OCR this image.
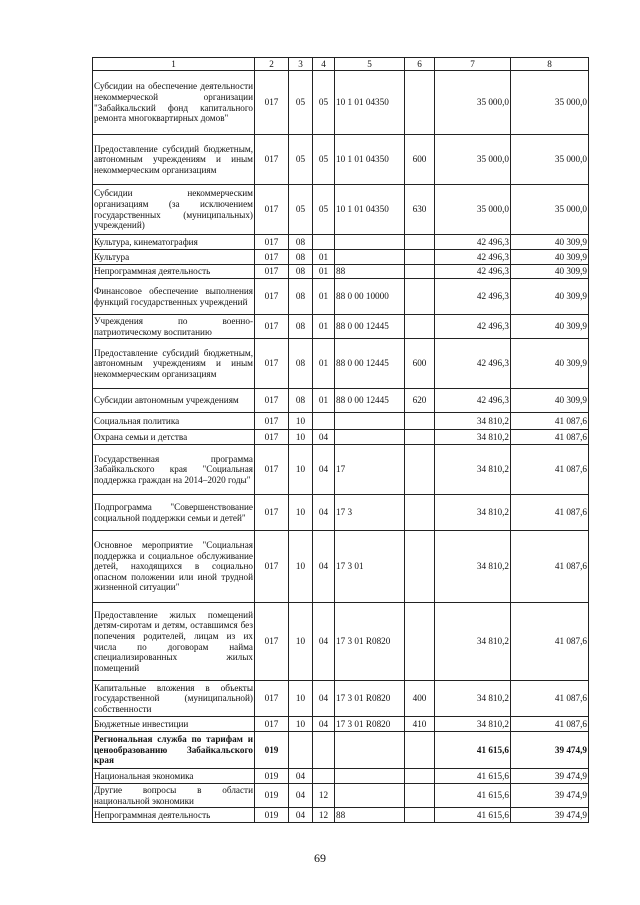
1	2	3	4	5	6	7	8
Субсидии на обеспечение деятельности некоммерческой организации "Забайкальский фонд капитального ремонта многоквартирных домов"	017	05	05	10 1 01 04350		35 000,0	35 000,0
Предоставление субсидий бюджетным, автономным учреждениям и иным некоммерческим организациям	017	05	05	10 1 01 04350	600	35 000,0	35 000,0
Субсидии некоммерческим организациям (за исключением государственных (муниципальных) учреждений)	017	05	05	10 1 01 04350	630	35 000,0	35 000,0
Культура, кинематография	017	08				42 496,3	40 309,9
Культура	017	08	01			42 496,3	40 309,9
Непрограммная деятельность	017	08	01	88		42 496,3	40 309,9
Финансовое обеспечение выполнения функций государственных учреждений	017	08	01	88 0 00 10000		42 496,3	40 309,9
Учреждения по военно-патриотическому воспитанию	017	08	01	88 0 00 12445		42 496,3	40 309,9
Предоставление субсидий бюджетным, автономным учреждениям и иным некоммерческим организациям	017	08	01	88 0 00 12445	600	42 496,3	40 309,9
Субсидии автономным учреждениям	017	08	01	88 0 00 12445	620	42 496,3	40 309,9
Социальная политика	017	10				34 810,2	41 087,6
Охрана семьи и детства	017	10	04			34 810,2	41 087,6
Государственная программа Забайкальского края "Социальная поддержка граждан на 2014–2020 годы"	017	10	04	17		34 810,2	41 087,6
Подпрограмма "Совершенствование социальной поддержки семьи и детей"	017	10	04	17 3		34 810,2	41 087,6
Основное мероприятие "Социальная поддержка и социальное обслуживание детей, находящихся в социально опасном положении или иной трудной жизненной ситуации"	017	10	04	17 3 01		34 810,2	41 087,6
Предоставление жилых помещений детям-сиротам и детям, оставшимся без попечения родителей, лицам из их числа по договорам найма специализированных жилых помещений	017	10	04	17 3 01 R0820		34 810,2	41 087,6
Капитальные вложения в объекты государственной (муниципальной) собственности	017	10	04	17 3 01 R0820	400	34 810,2	41 087,6
Бюджетные инвестиции	017	10	04	17 3 01 R0820	410	34 810,2	41 087,6
Региональная служба по тарифам и ценообразованию Забайкальского края	019					41 615,6	39 474,9
Национальная экономика	019	04				41 615,6	39 474,9
Другие вопросы в области национальной экономики	019	04	12			41 615,6	39 474,9
Непрограммная деятельность	019	04	12	88		41 615,6	39 474,9
69
